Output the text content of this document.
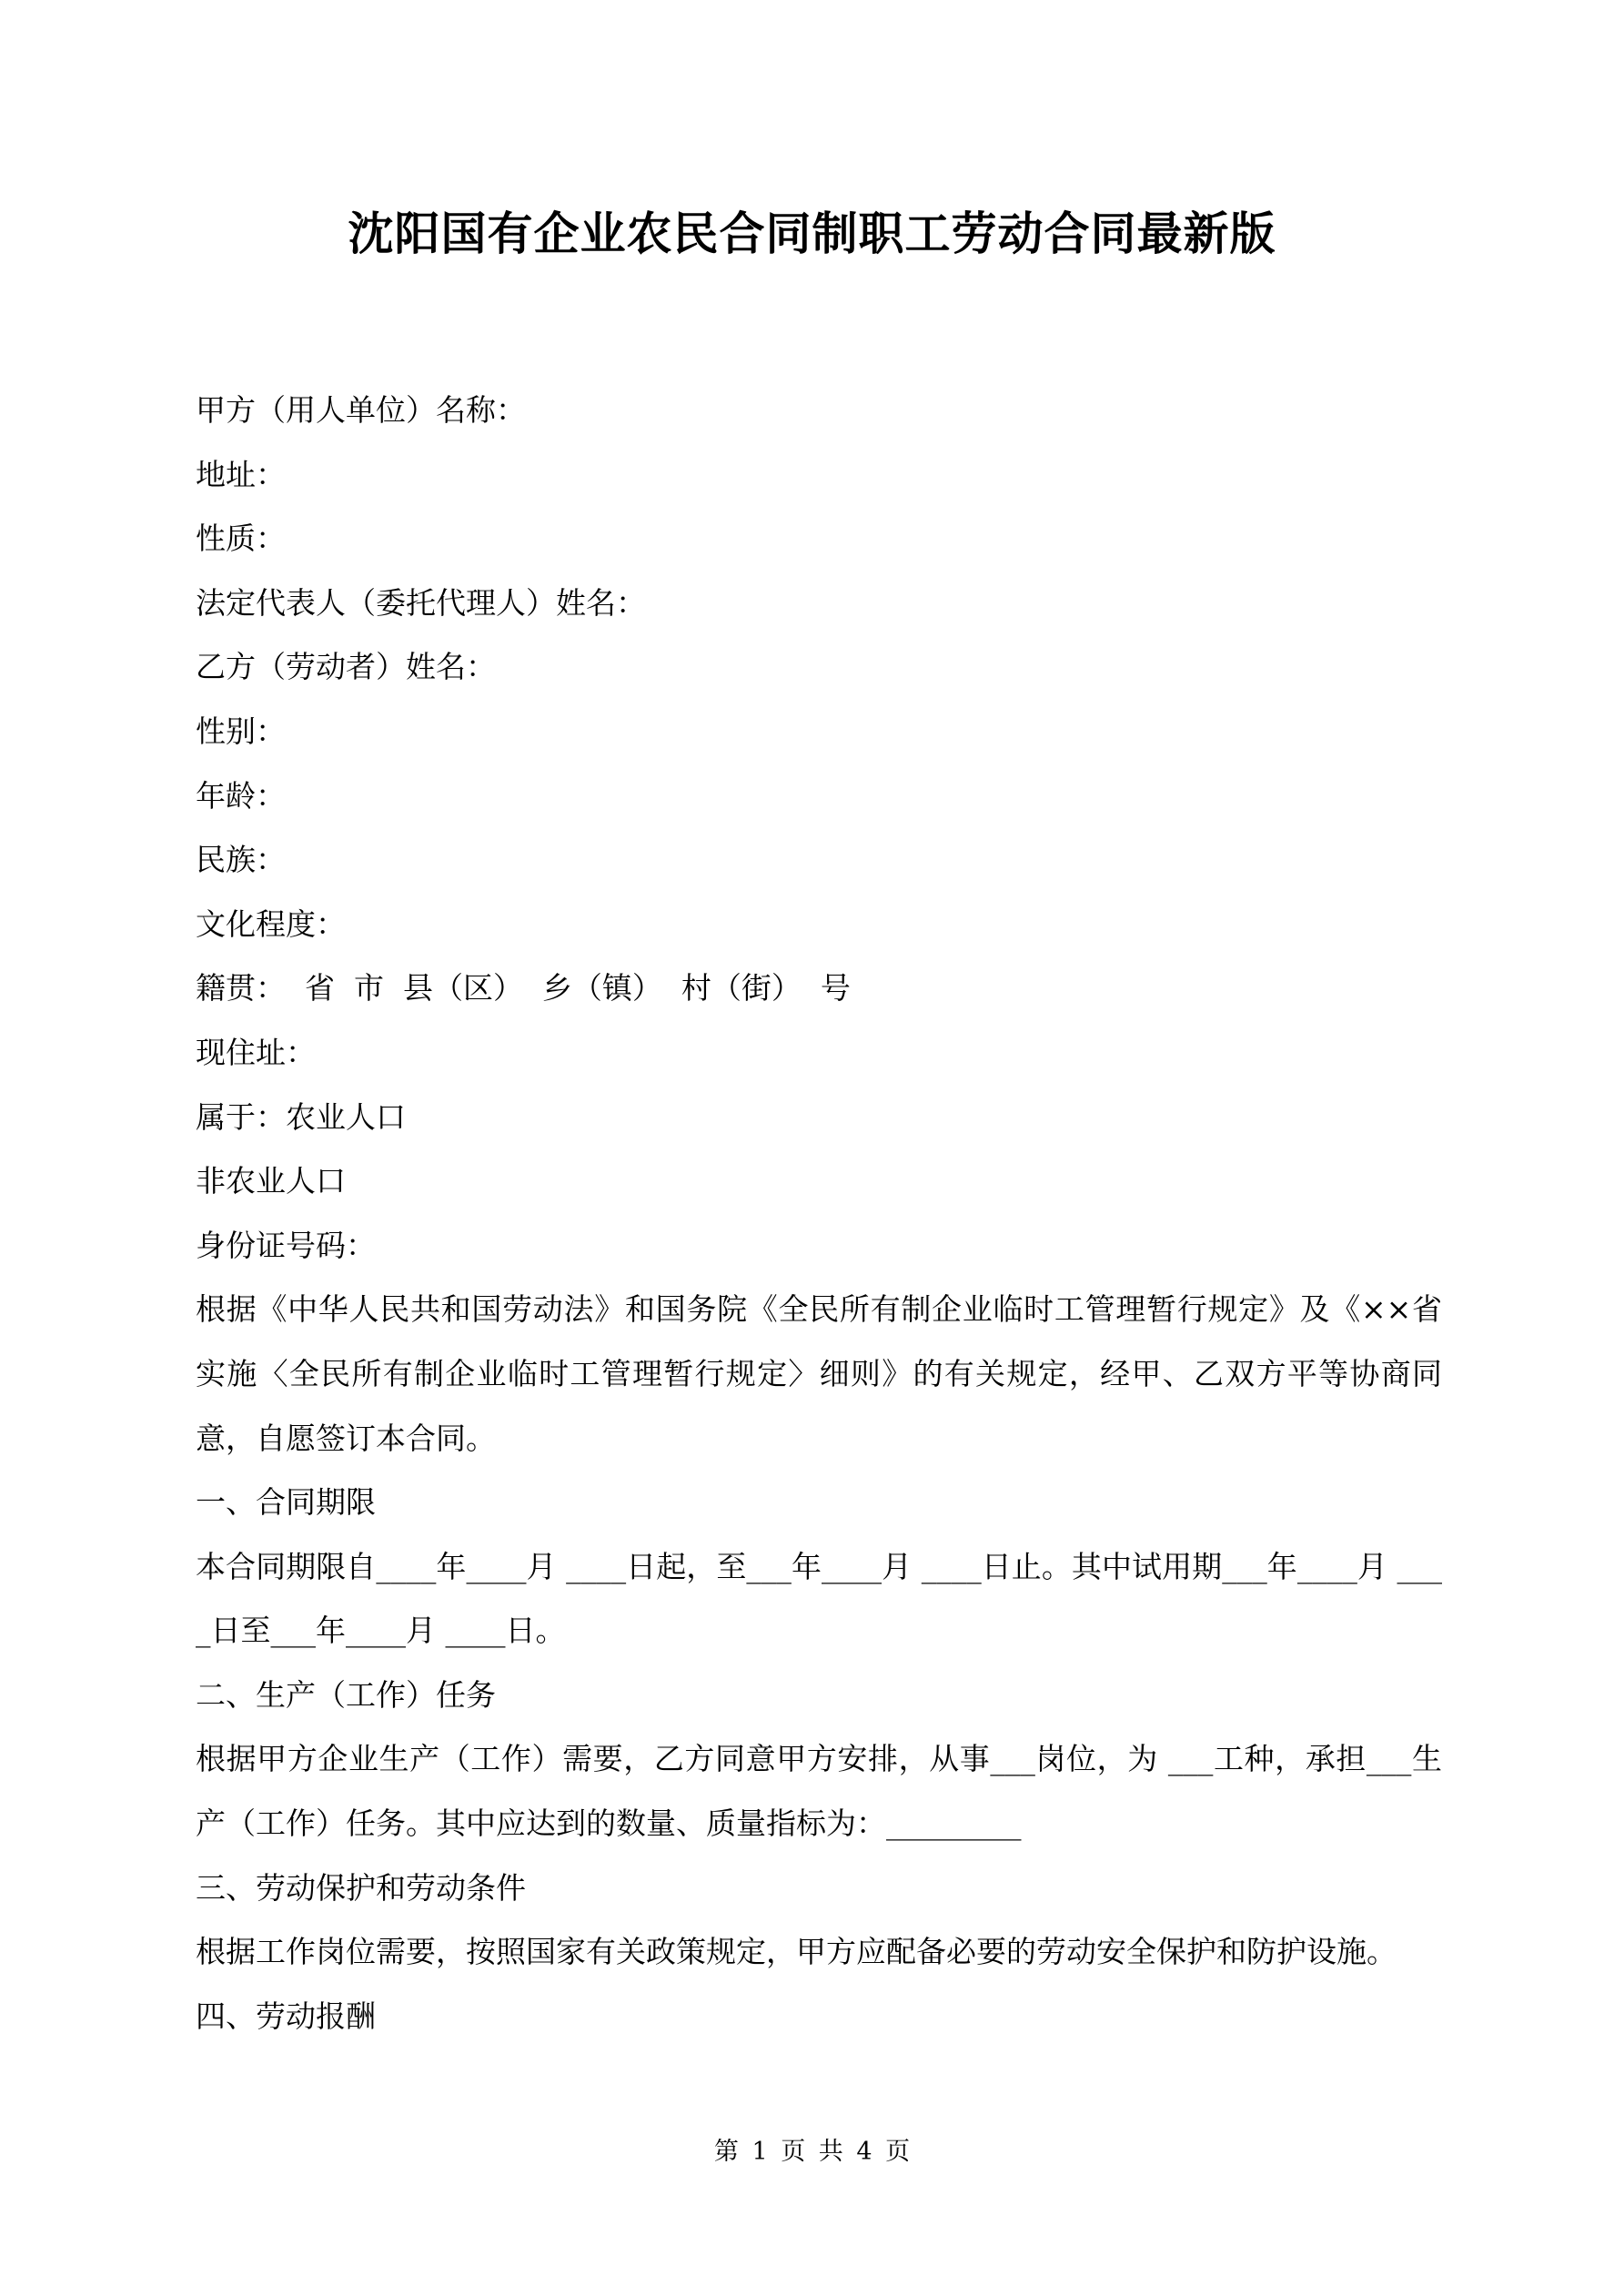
沈阳国有企业农民合同制职工劳动合同最新版
甲方（用人单位）名称：
地址：
性质：
法定代表人（委托代理人）姓名：
乙方（劳动者）姓名：
性别：
年龄：
民族：
文化程度：
籍贯：  省  市  县（区）  乡（镇）  村（街）  号
现住址：
属于：农业人口
非农业人口
身份证号码：
根据《中华人民共和国劳动法》和国务院《全民所有制企业临时工管理暂行规定》及《××省实施〈全民所有制企业临时工管理暂行规定〉细则》的有关规定，经甲、乙双方平等协商同意，自愿签订本合同。
一、合同期限
本合同期限自____年____月 ____日起，至___年____月 ____日止。其中试用期___年____月 ____日至___年____月 ____日。
二、生产（工作）任务
根据甲方企业生产（工作）需要，乙方同意甲方安排，从事___岗位，为 ___工种，承担___生产（工作）任务。其中应达到的数量、质量指标为：_________
三、劳动保护和劳动条件
根据工作岗位需要，按照国家有关政策规定，甲方应配备必要的劳动安全保护和防护设施。
四、劳动报酬
第 1 页 共 4 页
